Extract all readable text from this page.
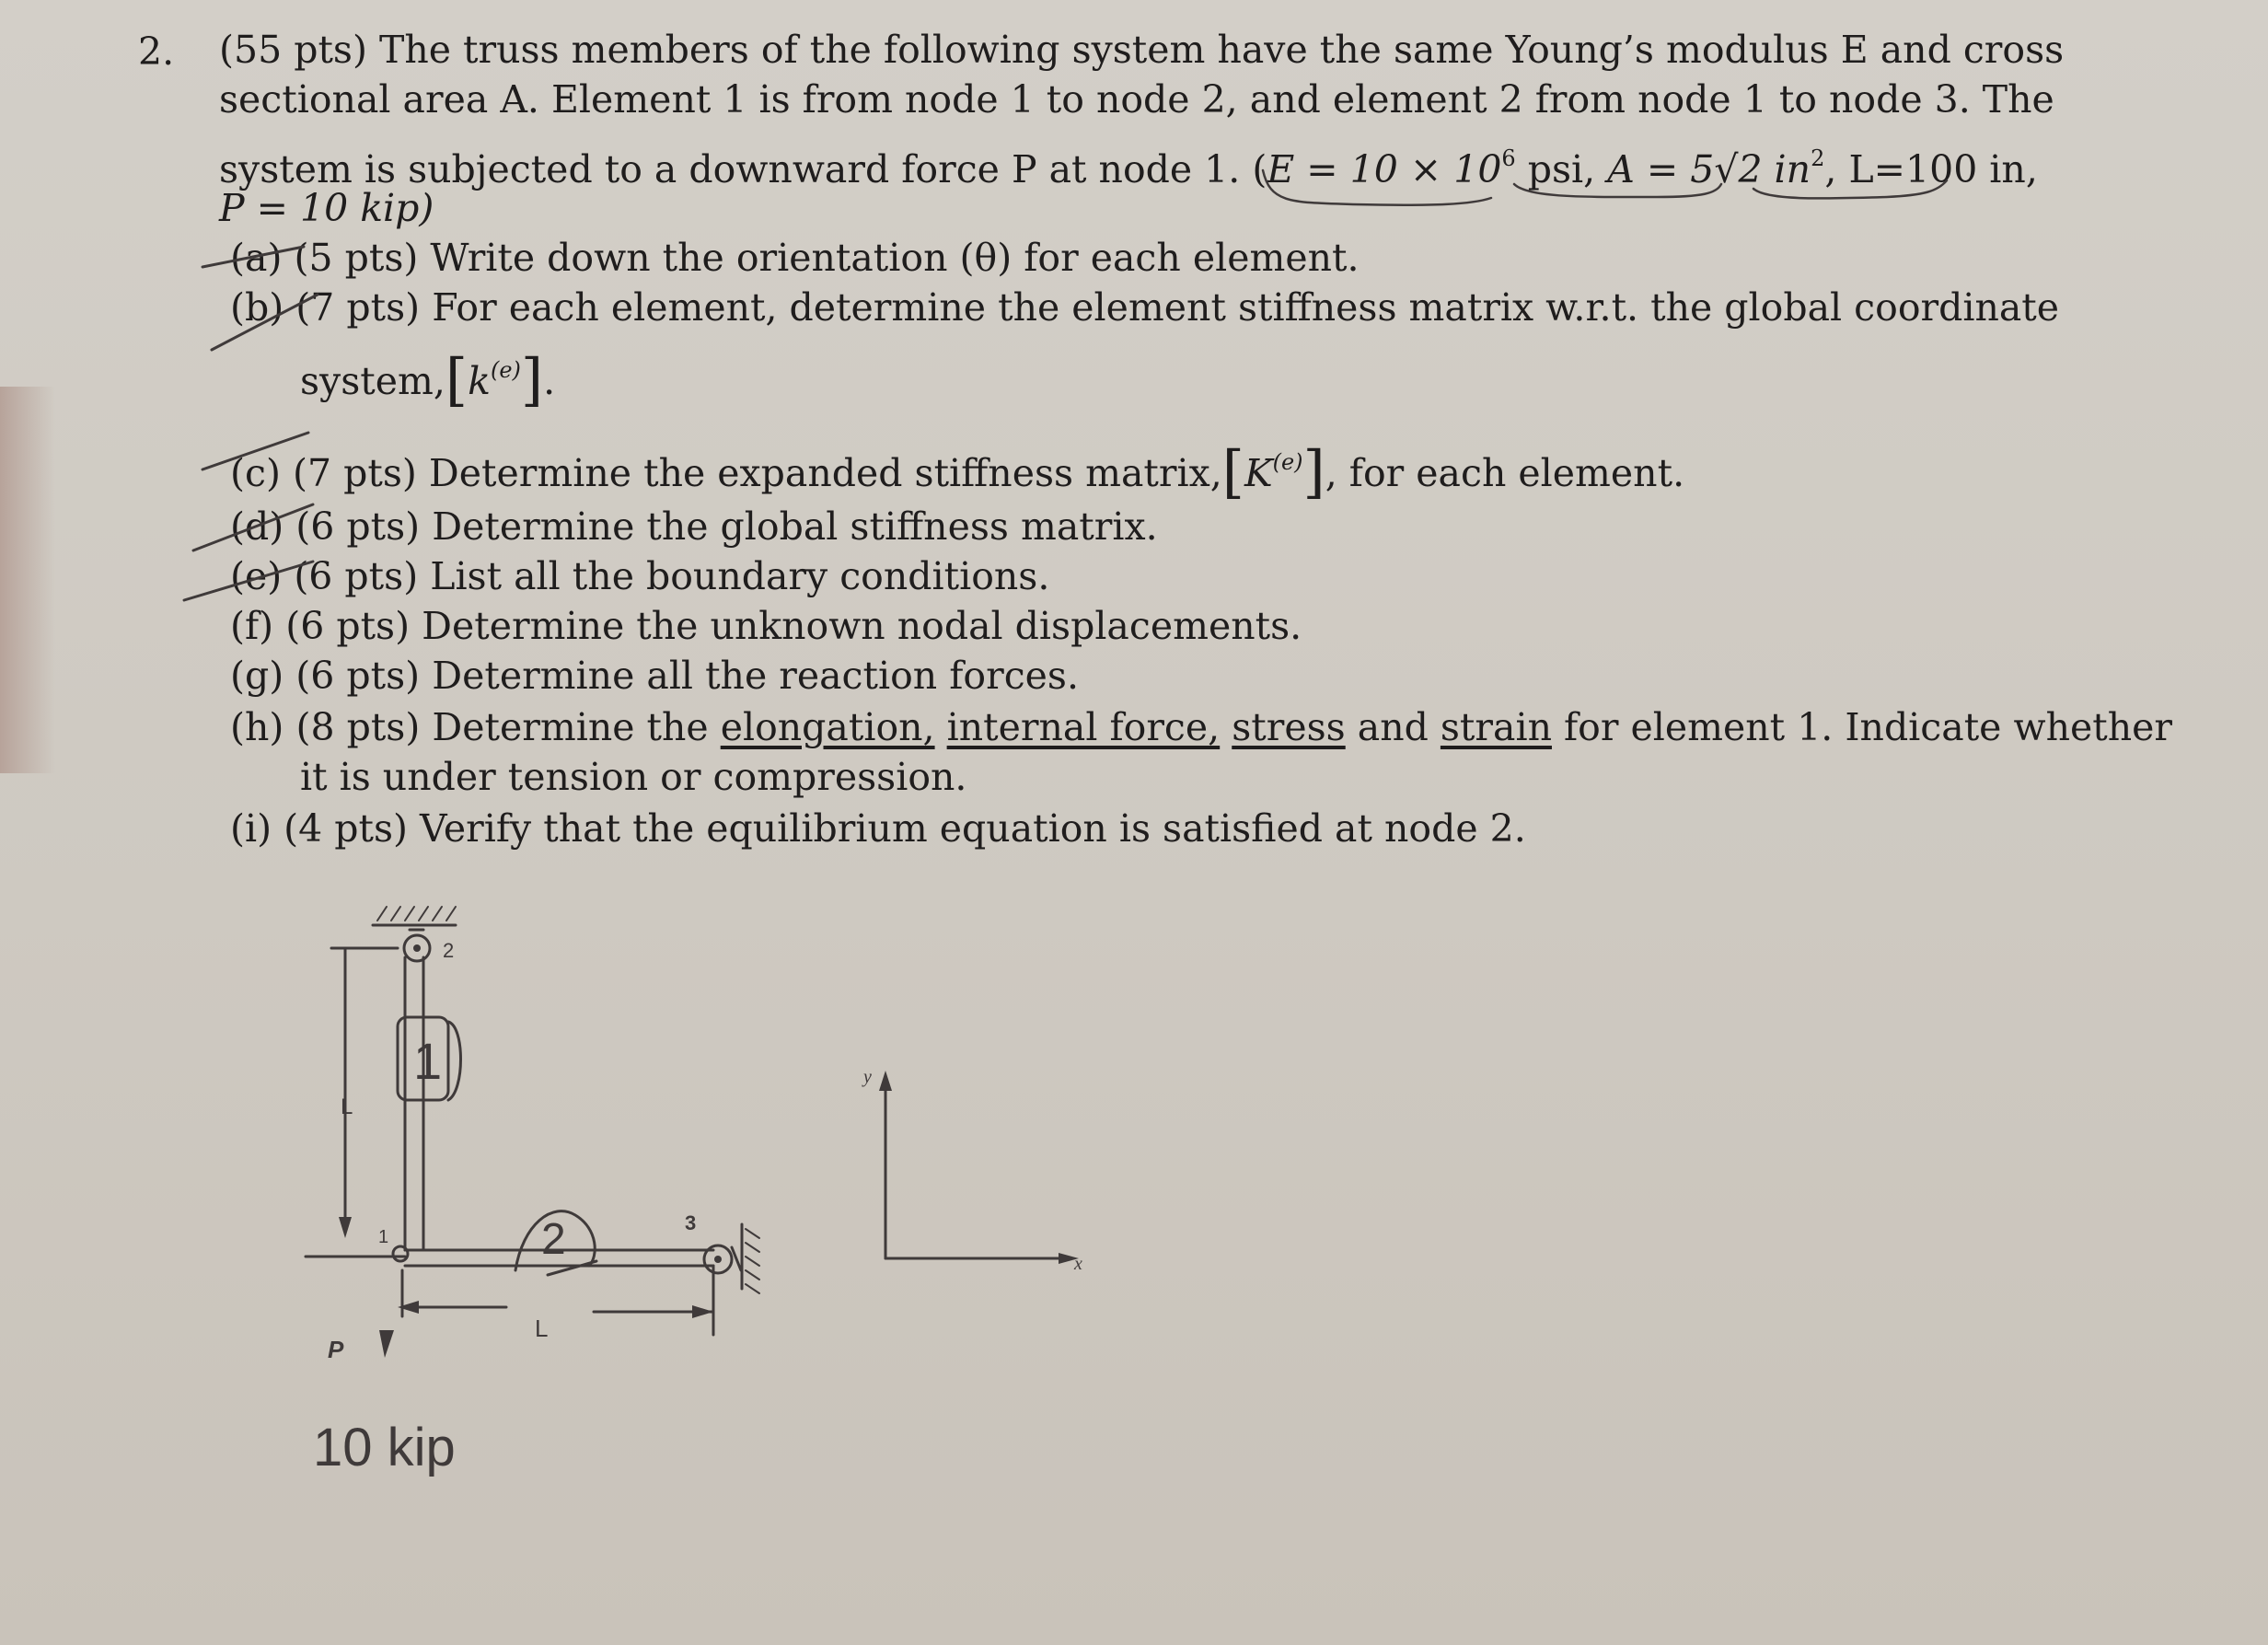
2. (55 pts) The truss members of the following system have the same Young’s modulus E and cross
sectional area A. Element 1 is from node 1 to node 2, and element 2 from node 1 to node 3. The
system is subjected to a downward force P at node 1. ($E = 10 \times 10^6$ psi, A = 5√2 $in^2$, L=100 in,
P = 10 kip)
(a) (5 pts) Write down the orientation (θ) for each element.
(b) (7 pts) For each element, determine the element stiffness matrix w.r.t. the global coordinate
$system,[k^{(e)}]$.
(c) (7 pts) Determine the expanded stiffness $matrix,[K^{(e)}]$, for each element.
(d) (6 pts) Determine the global stiffness matrix.
(e) (6 pts) List all the boundary conditions.
(f) (6 pts) Determine the unknown nodal displacements.
(g) (6 pts) Determine all the reaction forces.
(h) (8 pts) Determine the elongation, internal force, stress and strain for element 1. Indicate whether
it is under tension or compression.
(i) (4 pts) Verify that the equilibrium equation is satisfied at node 2.
2
1
L
1	2	3
L
P
10 kip
y
x
